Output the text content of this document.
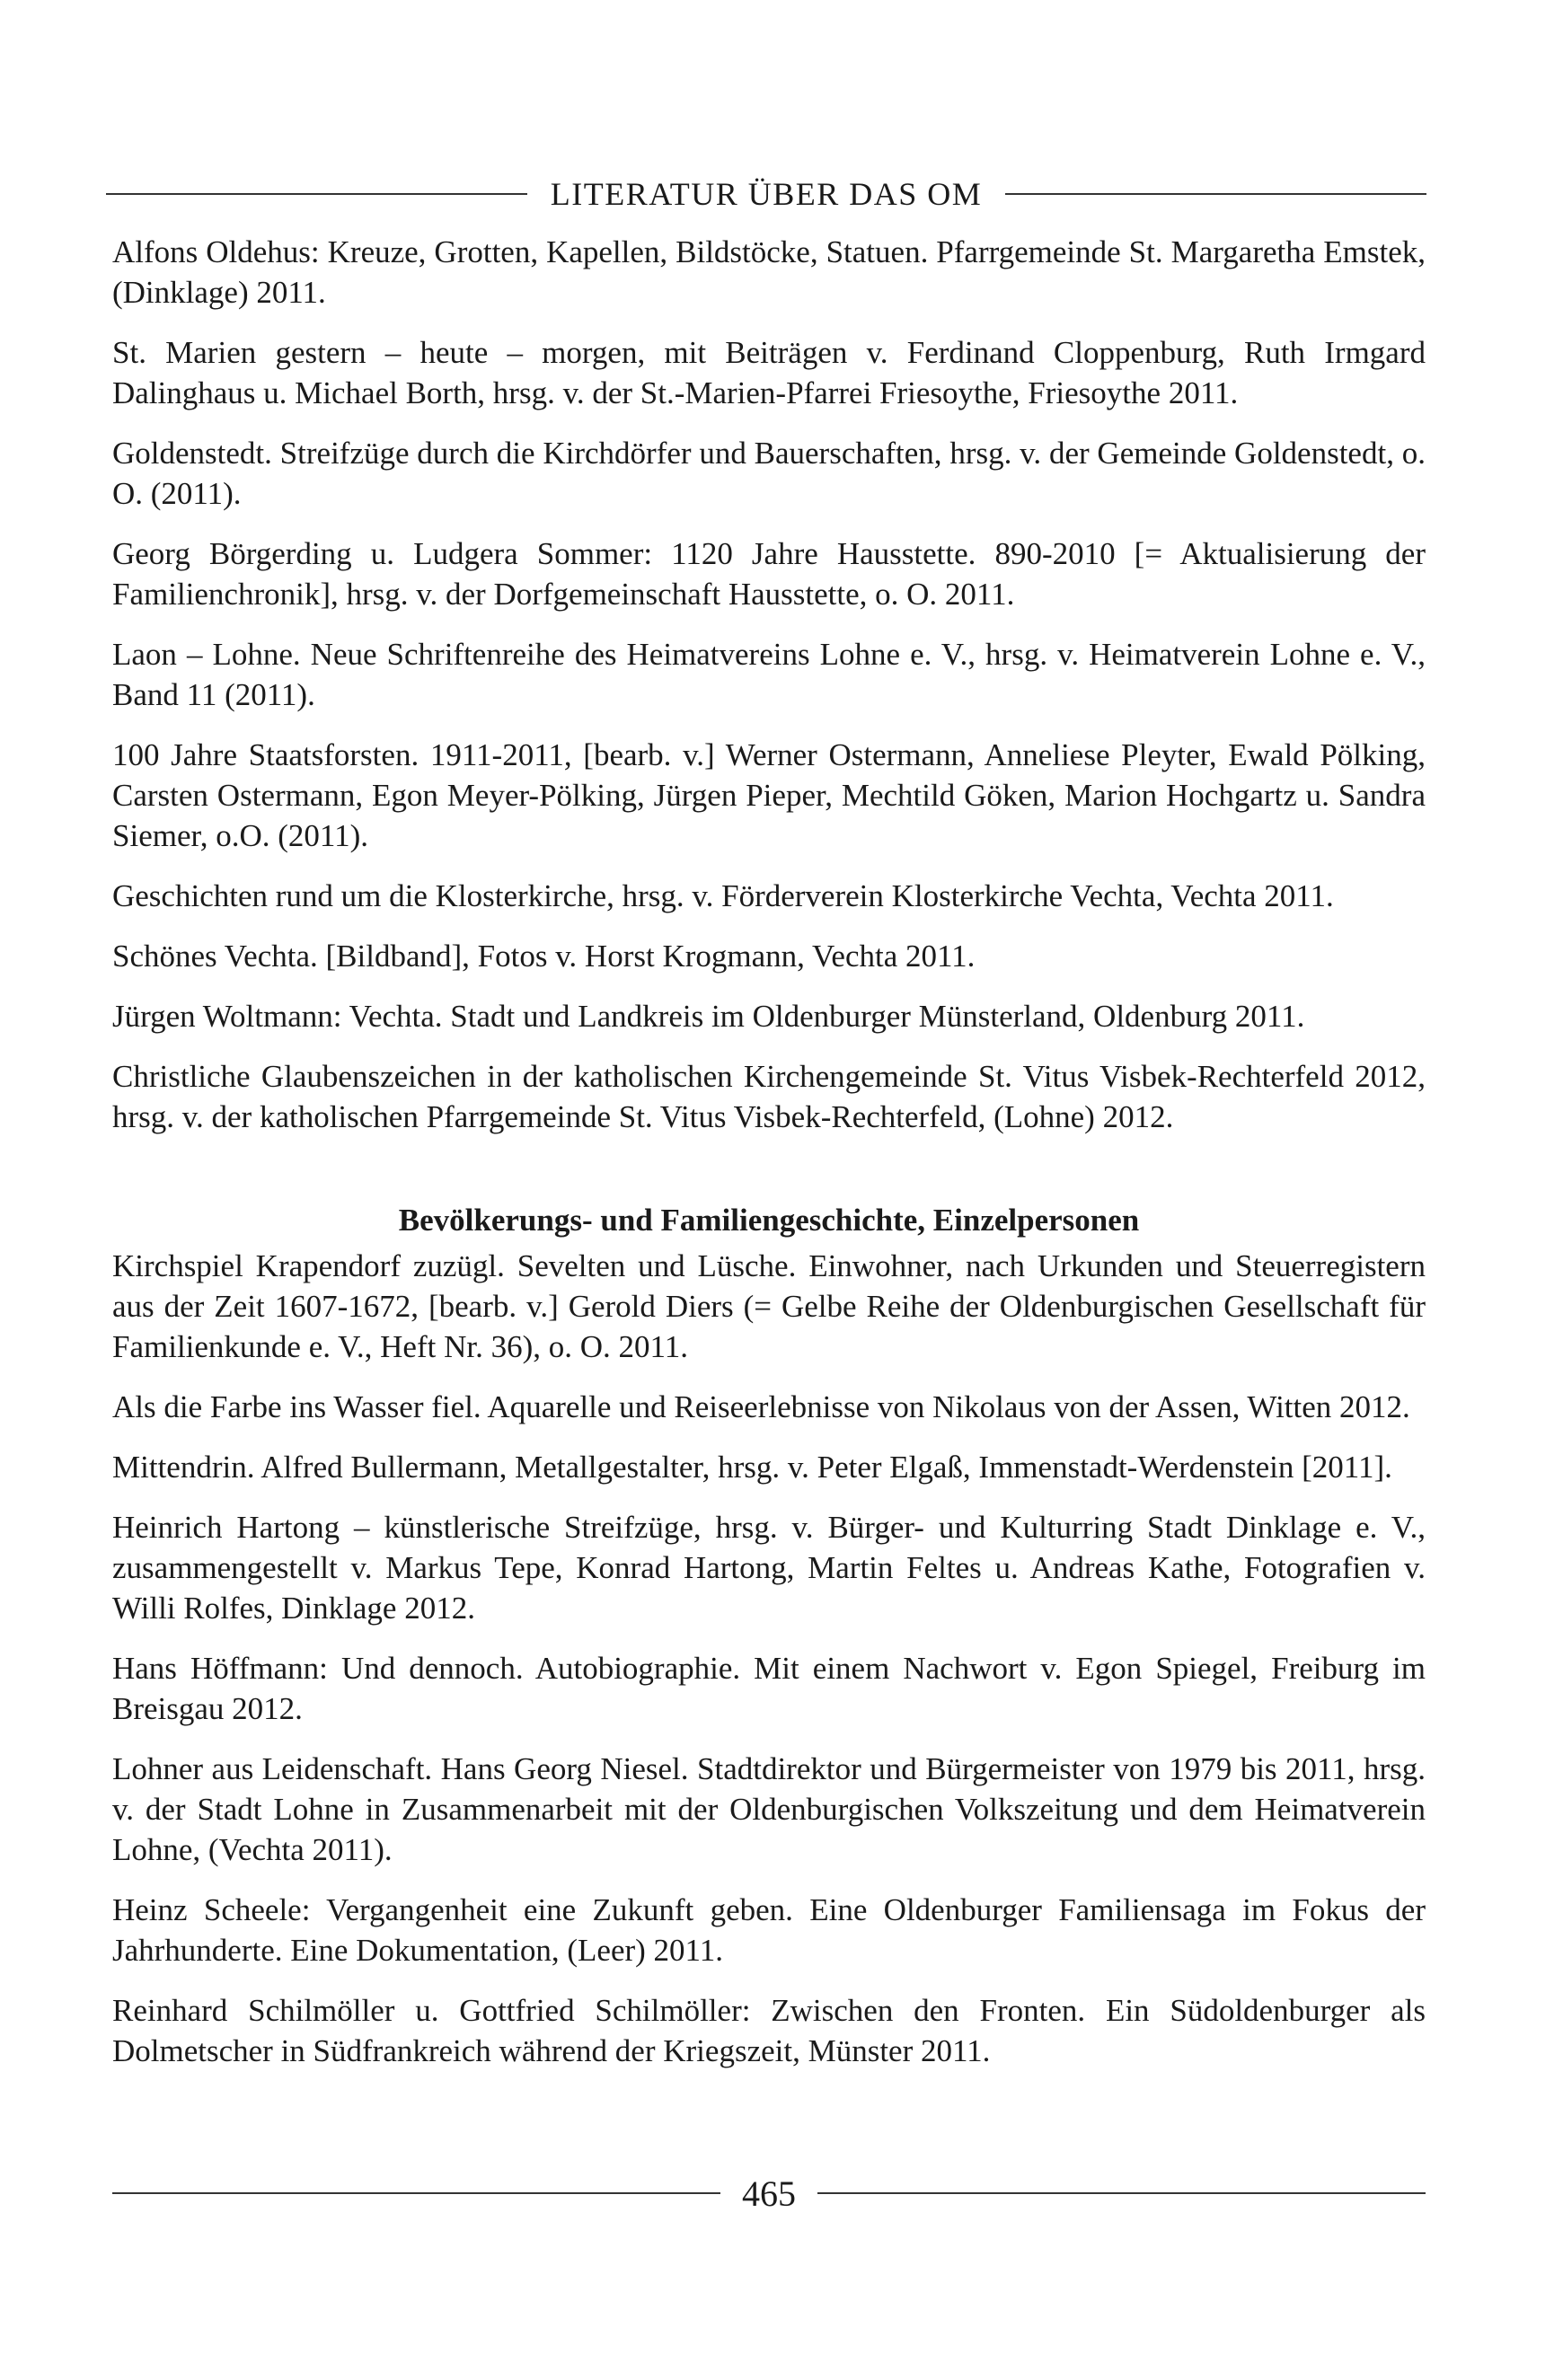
LITERATUR ÜBER DAS OM

Alfons Oldehus: Kreuze, Grotten, Kapellen, Bildstöcke, Statuen. Pfarrgemeinde St. Margaretha Emstek, (Dinklage) 2011.

St. Marien gestern – heute – morgen, mit Beiträgen v. Ferdinand Cloppenburg, Ruth Irmgard Dalinghaus u. Michael Borth, hrsg. v. der St.-Marien-Pfarrei Friesoythe, Friesoythe 2011.

Goldenstedt. Streifzüge durch die Kirchdörfer und Bauerschaften, hrsg. v. der Gemeinde Goldenstedt, o. O. (2011).

Georg Börgerding u. Ludgera Sommer: 1120 Jahre Hausstette. 890-2010 [= Aktualisierung der Familienchronik], hrsg. v. der Dorfgemeinschaft Hausstette, o. O. 2011.

Laon – Lohne. Neue Schriftenreihe des Heimatvereins Lohne e. V., hrsg. v. Heimatverein Lohne e. V., Band 11 (2011).

100 Jahre Staatsforsten. 1911-2011, [bearb. v.] Werner Ostermann, Anneliese Pleyter, Ewald Pölking, Carsten Ostermann, Egon Meyer-Pölking, Jürgen Pieper, Mechtild Göken, Marion Hochgartz u. Sandra Siemer, o.O. (2011).

Geschichten rund um die Klosterkirche, hrsg. v. Förderverein Klosterkirche Vechta, Vechta 2011.

Schönes Vechta. [Bildband], Fotos v. Horst Krogmann, Vechta 2011.

Jürgen Woltmann: Vechta. Stadt und Landkreis im Oldenburger Münsterland, Oldenburg 2011.

Christliche Glaubenszeichen in der katholischen Kirchengemeinde St. Vitus Visbek-Rechterfeld 2012, hrsg. v. der katholischen Pfarrgemeinde St. Vitus Visbek-Rechterfeld, (Lohne) 2012.

Bevölkerungs- und Familiengeschichte, Einzelpersonen

Kirchspiel Krapendorf zuzügl. Sevelten und Lüsche. Einwohner, nach Urkunden und Steuerregistern aus der Zeit 1607-1672, [bearb. v.] Gerold Diers (= Gelbe Reihe der Oldenburgischen Gesellschaft für Familienkunde e. V., Heft Nr. 36), o. O. 2011.

Als die Farbe ins Wasser fiel. Aquarelle und Reiseerlebnisse von Nikolaus von der Assen, Witten 2012.

Mittendrin. Alfred Bullermann, Metallgestalter, hrsg. v. Peter Elgaß, Immenstadt-Werdenstein [2011].

Heinrich Hartong – künstlerische Streifzüge, hrsg. v. Bürger- und Kulturring Stadt Dinklage e. V., zusammengestellt v. Markus Tepe, Konrad Hartong, Martin Feltes u. Andreas Kathe, Fotografien v. Willi Rolfes, Dinklage 2012.

Hans Höffmann: Und dennoch. Autobiographie. Mit einem Nachwort v. Egon Spiegel, Freiburg im Breisgau 2012.

Lohner aus Leidenschaft. Hans Georg Niesel. Stadtdirektor und Bürgermeister von 1979 bis 2011, hrsg. v. der Stadt Lohne in Zusammenarbeit mit der Oldenburgischen Volkszeitung und dem Heimatverein Lohne, (Vechta 2011).

Heinz Scheele: Vergangenheit eine Zukunft geben. Eine Oldenburger Familiensaga im Fokus der Jahrhunderte. Eine Dokumentation, (Leer) 2011.

Reinhard Schilmöller u. Gottfried Schilmöller: Zwischen den Fronten. Ein Südoldenburger als Dolmetscher in Südfrankreich während der Kriegszeit, Münster 2011.

465
